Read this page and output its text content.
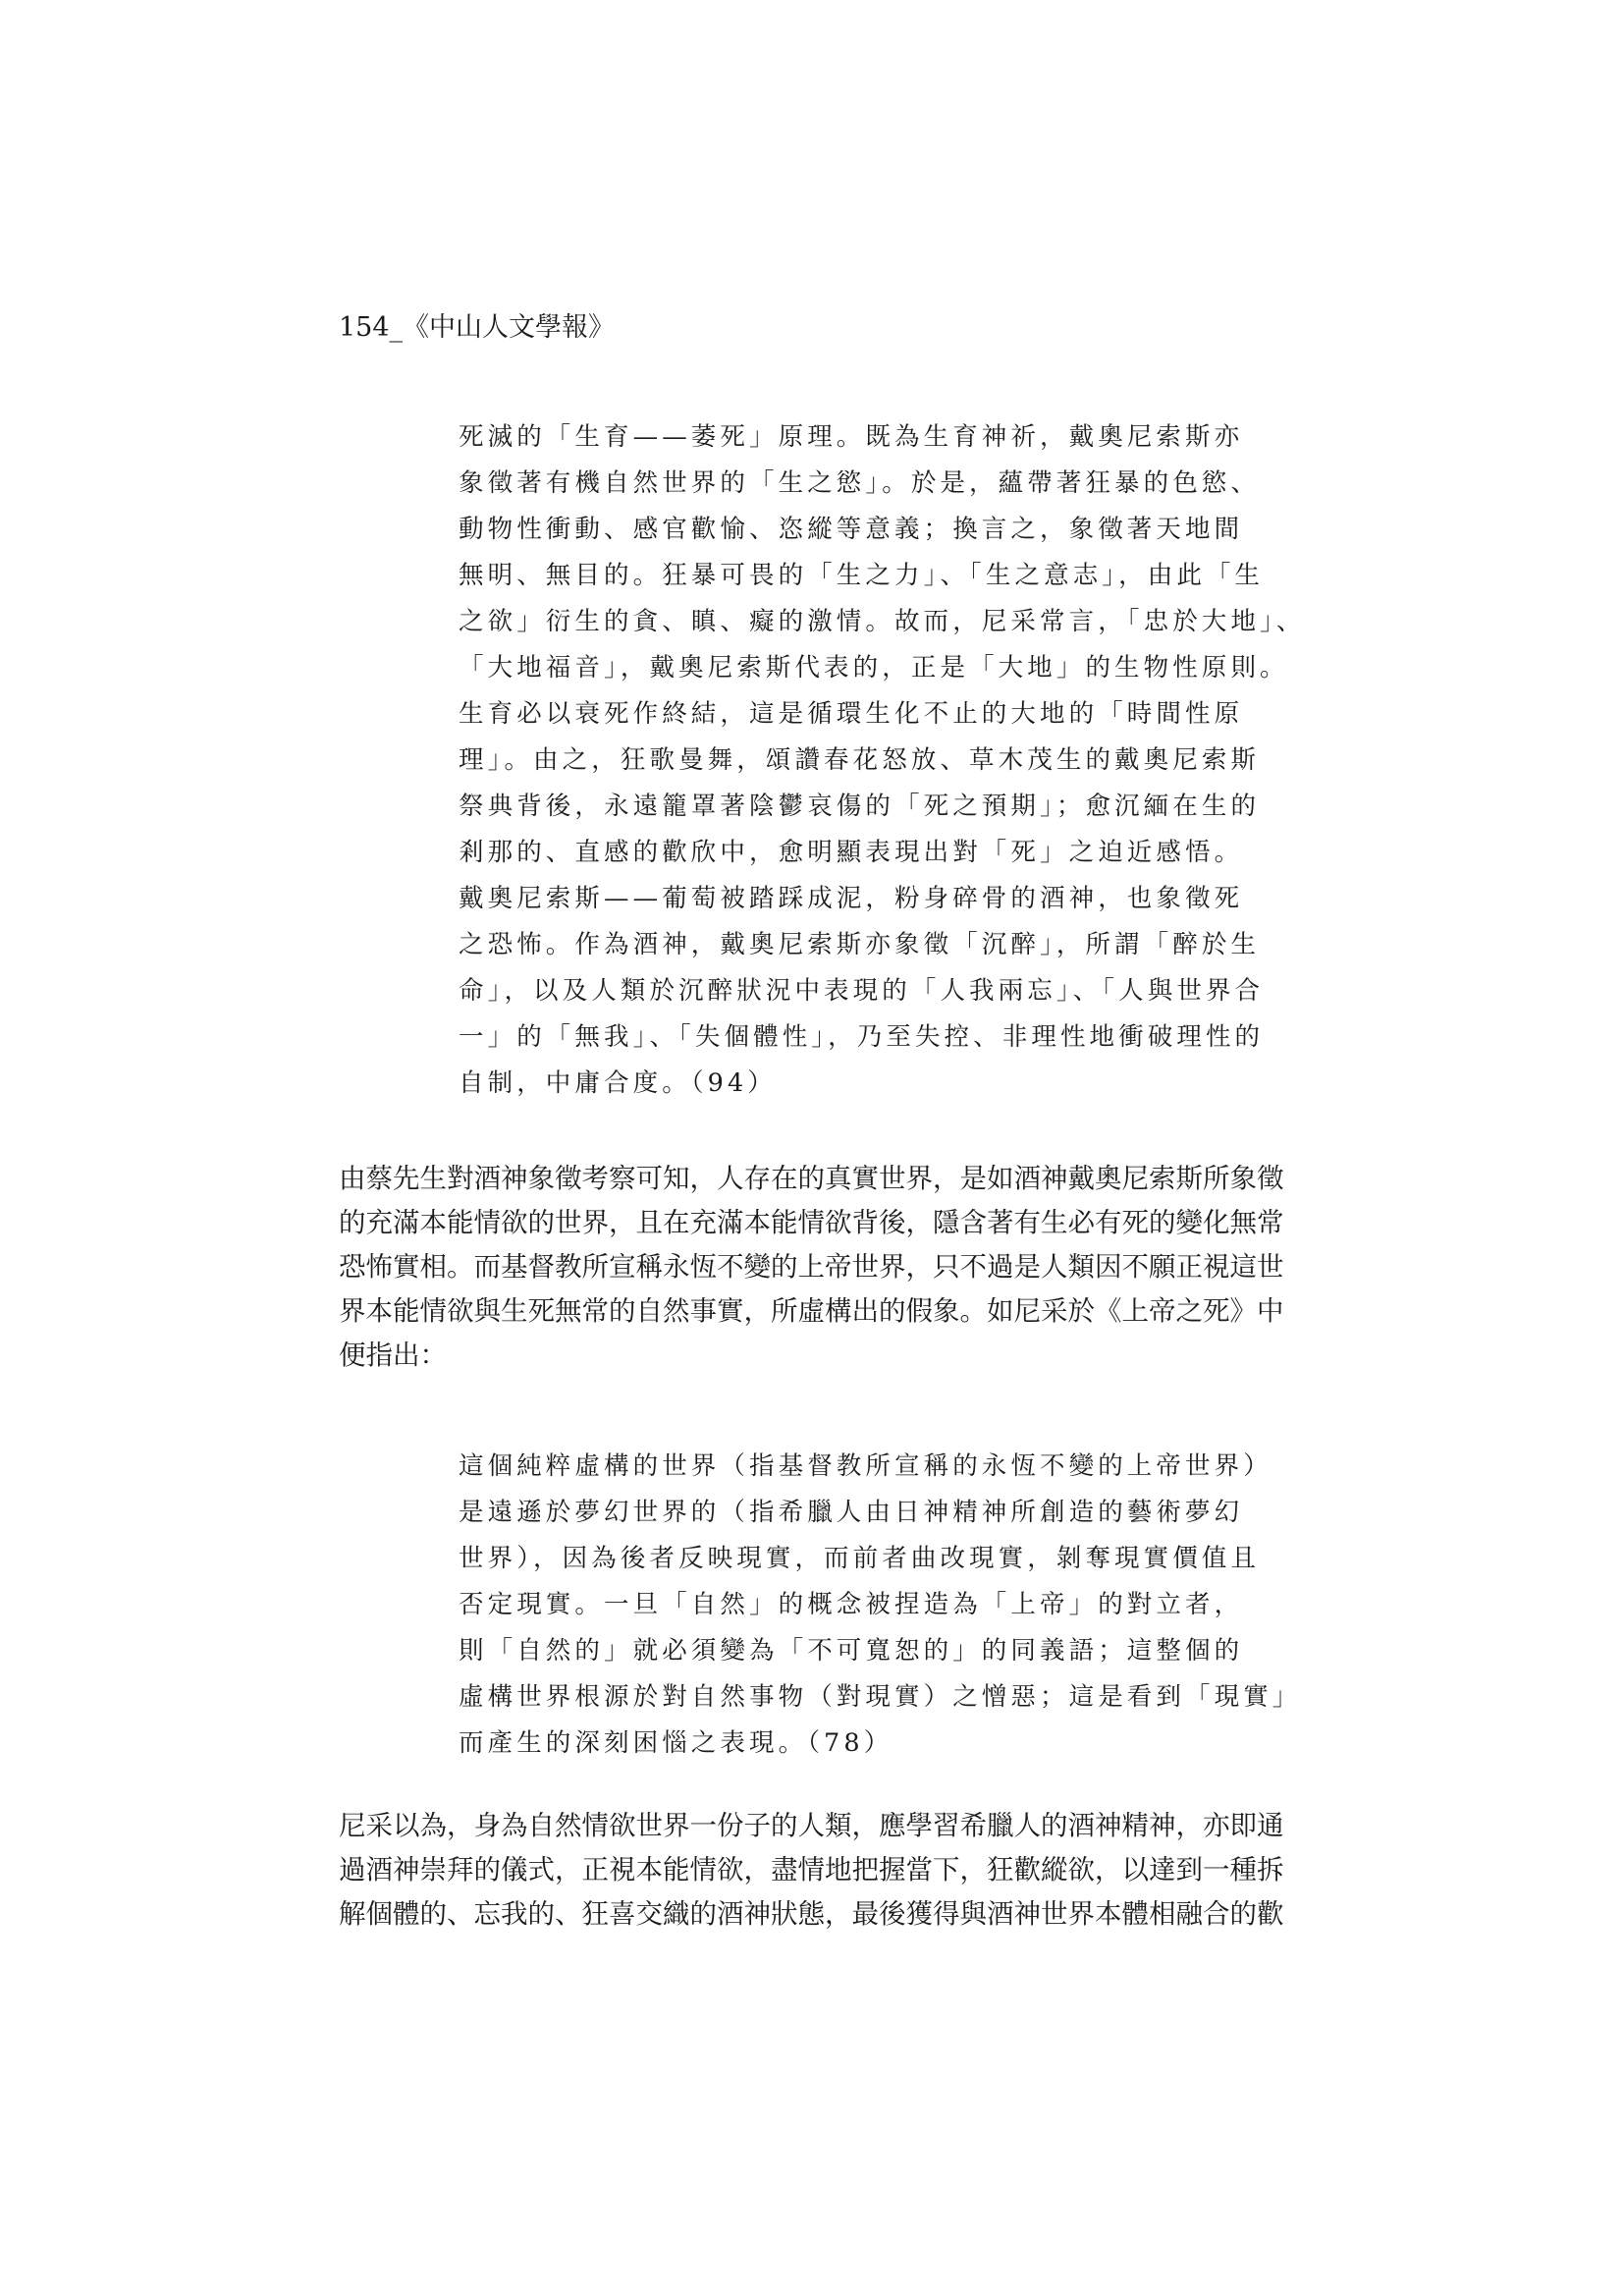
154_《中山人文學報》
死滅的「生育——萎死」原理。既為生育神祈，戴奧尼索斯亦
象徵著有機自然世界的「生之慾」。於是，蘊帶著狂暴的色慾、
動物性衝動、感官歡愉、恣縱等意義；換言之，象徵著天地間
無明、無目的。狂暴可畏的「生之力」、「生之意志」，由此「生
之欲」衍生的貪、瞋、癡的激情。故而，尼采常言，「忠於大地」、
「大地福音」，戴奧尼索斯代表的，正是「大地」的生物性原則。
生育必以衰死作終結，這是循環生化不止的大地的「時間性原
理」。由之，狂歌曼舞，頌讚春花怒放、草木茂生的戴奧尼索斯
祭典背後，永遠籠罩著陰鬱哀傷的「死之預期」；愈沉緬在生的
剎那的、直感的歡欣中，愈明顯表現出對「死」之迫近感悟。
戴奧尼索斯——葡萄被踏踩成泥，粉身碎骨的酒神，也象徵死
之恐怖。作為酒神，戴奧尼索斯亦象徵「沉醉」，所謂「醉於生
命」，以及人類於沉醉狀況中表現的「人我兩忘」、「人與世界合
一」的「無我」、「失個體性」，乃至失控、非理性地衝破理性的
自制，中庸合度。（94）
由蔡先生對酒神象徵考察可知，人存在的真實世界，是如酒神戴奧尼索斯所象徵
的充滿本能情欲的世界，且在充滿本能情欲背後，隱含著有生必有死的變化無常
恐怖實相。而基督教所宣稱永恆不變的上帝世界，只不過是人類因不願正視這世
界本能情欲與生死無常的自然事實，所虛構出的假象。如尼采於《上帝之死》中
便指出：
這個純粹虛構的世界（指基督教所宣稱的永恆不變的上帝世界）
是遠遜於夢幻世界的（指希臘人由日神精神所創造的藝術夢幻
世界），因為後者反映現實，而前者曲改現實，剝奪現實價值且
否定現實。一旦「自然」的概念被捏造為「上帝」的對立者，
則「自然的」就必須變為「不可寬恕的」的同義語；這整個的
虛構世界根源於對自然事物（對現實）之憎惡；這是看到「現實」
而產生的深刻困惱之表現。（78）
尼采以為，身為自然情欲世界一份子的人類，應學習希臘人的酒神精神，亦即通
過酒神崇拜的儀式，正視本能情欲，盡情地把握當下，狂歡縱欲，以達到一種拆
解個體的、忘我的、狂喜交織的酒神狀態，最後獲得與酒神世界本體相融合的歡
